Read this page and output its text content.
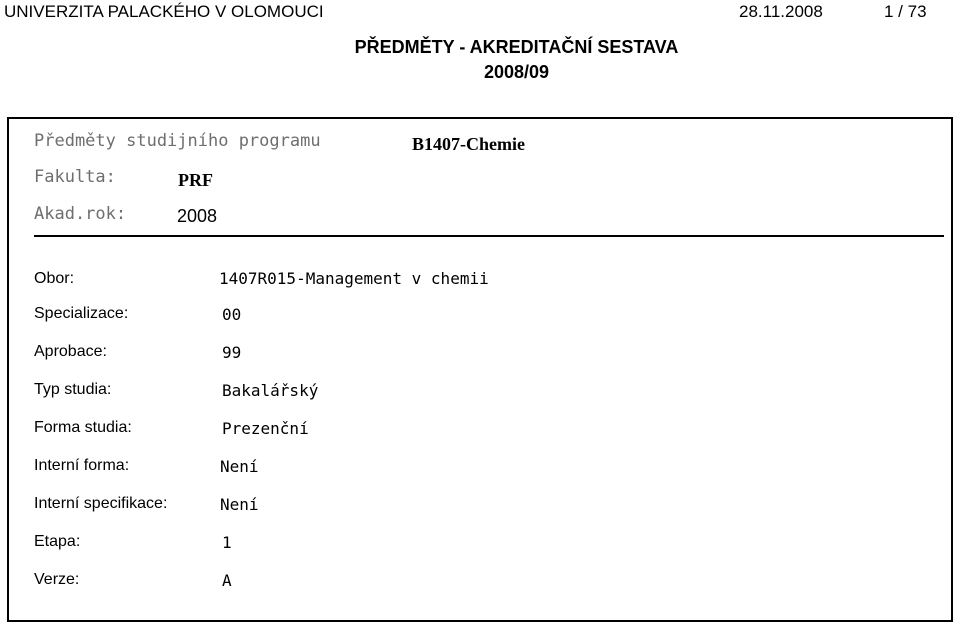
UNIVERZITA PALACKÉHO V OLOMOUCI	28.11.2008	1 / 73
PŘEDMĚTY - AKREDITAČNÍ SESTAVA
2008/09
Předměty studijního programu	B1407-Chemie
Fakulta:	PRF
Akad.rok:	2008
Obor:	1407R015-Management v chemii
Specializace:	00
Aprobace:	99
Typ studia:	Bakalářský
Forma studia:	Prezenční
Interní forma:	Není
Interní specifikace:	Není
Etapa:	1
Verze:	A
